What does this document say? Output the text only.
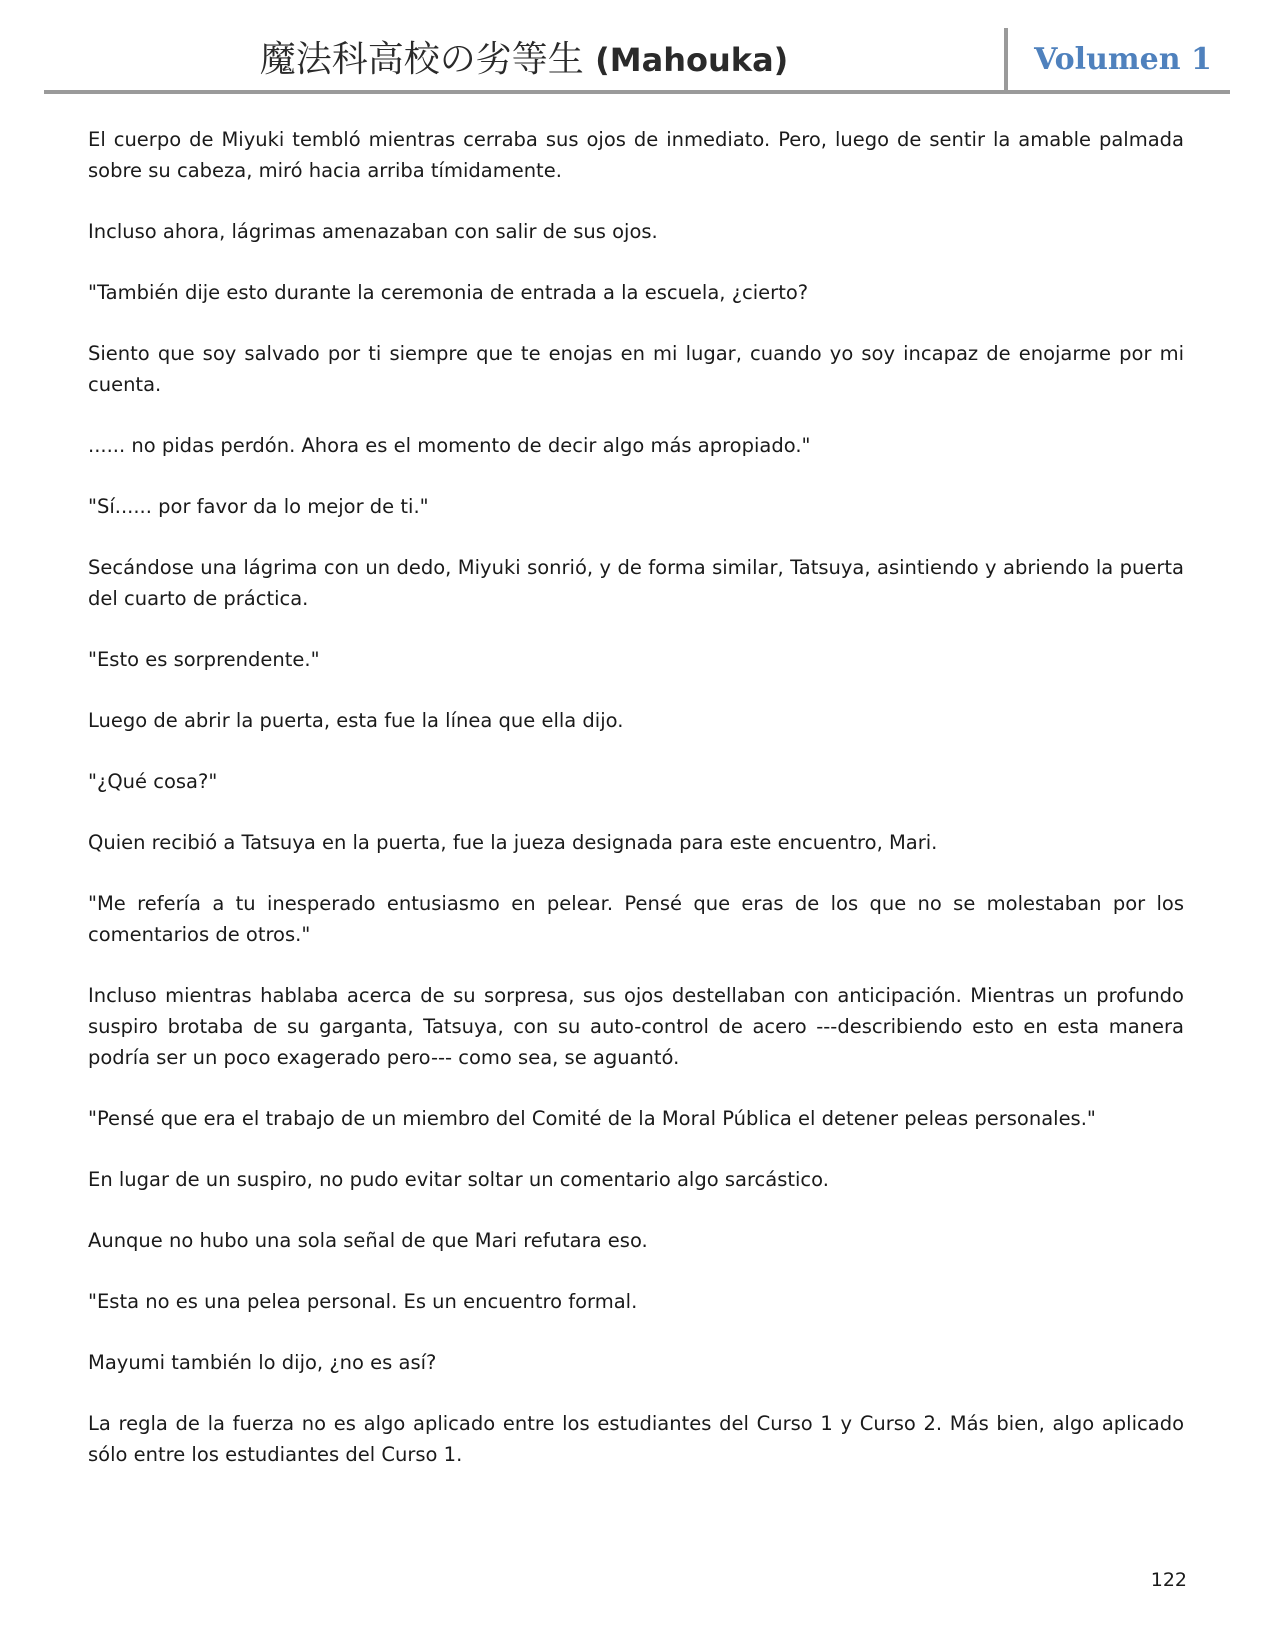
魔法科高校の劣等生 (Mahouka)	Volumen 1

El cuerpo de Miyuki tembló mientras cerraba sus ojos de inmediato. Pero, luego de sentir la amable palmada sobre su cabeza, miró hacia arriba tímidamente.

Incluso ahora, lágrimas amenazaban con salir de sus ojos.

"También dije esto durante la ceremonia de entrada a la escuela, ¿cierto?

Siento que soy salvado por ti siempre que te enojas en mi lugar, cuando yo soy incapaz de enojarme por mi cuenta.

...... no pidas perdón. Ahora es el momento de decir algo más apropiado."

"Sí...... por favor da lo mejor de ti."

Secándose una lágrima con un dedo, Miyuki sonrió, y de forma similar, Tatsuya, asintiendo y abriendo la puerta del cuarto de práctica.

"Esto es sorprendente."

Luego de abrir la puerta, esta fue la línea que ella dijo.

"¿Qué cosa?"

Quien recibió a Tatsuya en la puerta, fue la jueza designada para este encuentro, Mari.

"Me refería a tu inesperado entusiasmo en pelear. Pensé que eras de los que no se molestaban por los comentarios de otros."

Incluso mientras hablaba acerca de su sorpresa, sus ojos destellaban con anticipación. Mientras un profundo suspiro brotaba de su garganta, Tatsuya, con su auto-control de acero ---describiendo esto en esta manera podría ser un poco exagerado pero--- como sea, se aguantó.

"Pensé que era el trabajo de un miembro del Comité de la Moral Pública el detener peleas personales."

En lugar de un suspiro, no pudo evitar soltar un comentario algo sarcástico.

Aunque no hubo una sola señal de que Mari refutara eso.

"Esta no es una pelea personal. Es un encuentro formal.

Mayumi también lo dijo, ¿no es así?

La regla de la fuerza no es algo aplicado entre los estudiantes del Curso 1 y Curso 2. Más bien, algo aplicado sólo entre los estudiantes del Curso 1.

122
